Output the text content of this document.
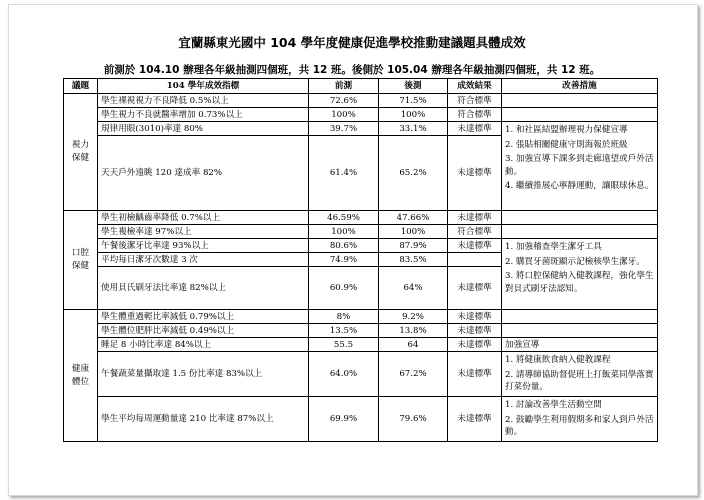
宜蘭縣東光國中 104 學年度健康促進學校推動建議題具體成效
前測於 104.10 辦理各年級抽測四個班，共 12 班。後側於 105.04 辦理各年級抽測四個班，共 12 班。
議題	104 學年成效指標	前測	後測	成效結果	改善措施

視力
保健	學生裸視視力不良降低 0.5%以上	72.6%	71.5%	符合標準	
	學生視力不良就醫率增加 0.73%以上	100%	100%	符合標準	
	規律用眼(3010)率達 80%	39.7%	33.1%	未達標準	1. 和社區結盟辦理視力保健宣導
2. 張貼相關健康守則海報於班級
3. 加強宣導下課多到走廊遠望或戶外活動。
4. 繼續推展心寧靜運動，讓眼球休息。

	天天戶外遠眺 120 達成率 82%	61.4%	65.2%	未達標準	

口腔
保健	學生初檢齲齒率降低 0.7%以上	46.59%	47.66%	未達標準	
	學生複檢率達 97%以上	100%	100%	符合標準	
	午餐後潔牙比率達 93%以上	80.6%	87.9%	未達標準	1. 加強稽查學生潔牙工具
2. 購買牙菌斑顯示記檢核學生潔牙。
3. 將口腔保健納入健教課程，強化學生對貝式刷牙法認知。

	平均每日潔牙次數達 3 次	74.9%	83.5%		
	使用貝氏刷牙法比率達 82%以上	60.9%	64%	未達標準	

健康
體位	學生體重過輕比率減低 0.79%以上	8%	9.2%	未達標準	
	學生體位肥胖比率減低 0.49%以上	13.5%	13.8%	未達標準	
	睡足 8 小時比率達 84%以上	55.5	64	未達標準	加強宣導
	午餐蔬菜量攝取達 1.5 份比率達 83%以上	64.0%	67.2%	未達標準	1. 將健康飲食納入健教課程
2. 請導師協助督促班上打飯菜同學落實打菜份量。

	學生平均每周運動量達 210 比率達 87%以上	69.9%	79.6%	未達標準	1. 討論改善學生活動空間
2. 鼓勵學生利用假期多和家人到戶外活動。
